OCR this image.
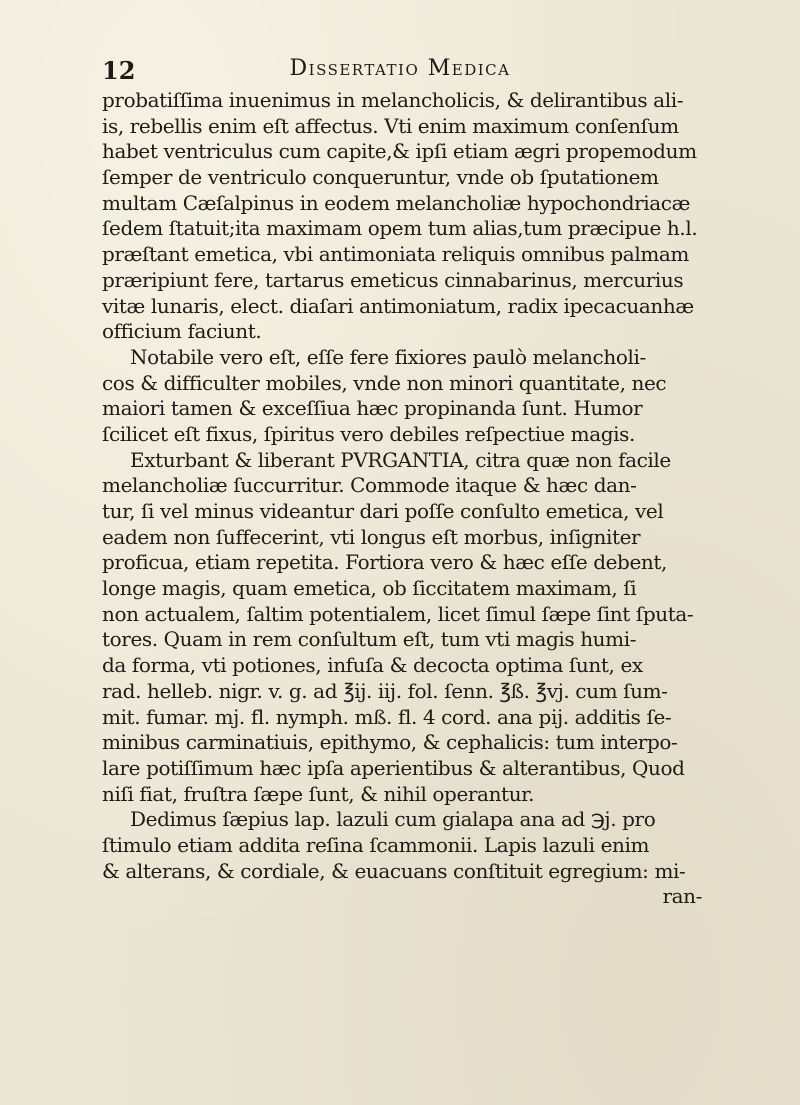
12	Dissertatio Medica
probatiſſima inuenimus in melancholicis, & delirantibus ali-
is, rebellis enim eſt affectus. Vti enim maximum conſenſum
habet ventriculus cum capite,& ipſi etiam ægri propemodum
ſemper de ventriculo conqueruntur, vnde ob ſputationem
multam Cæſalpinus in eodem melancholiæ hypochondriacæ
ſedem ſtatuit;ita maximam opem tum alias,tum præcipue h.l.
præſtant emetica, vbi antimoniata reliquis omnibus palmam
præripiunt fere, tartarus emeticus cinnabarinus, mercurius
vitæ lunaris, elect. diaſari antimoniatum, radix ipecacuanhæ
officium faciunt.
Notabile vero eſt, eſſe fere fixiores paulò melancholi-
cos & difficulter mobiles, vnde non minori quantitate, nec
maiori tamen & exceſſiua hæc propinanda ſunt. Humor
ſcilicet eſt fixus, ſpiritus vero debiles reſpectiue magis.
Exturbant & liberant PVRGANTIA, citra quæ non facile
melancholiæ ſuccurritur. Commode itaque & hæc dan-
tur, ſi vel minus videantur dari poſſe conſulto emetica, vel
eadem non ſuffecerint, vti longus eſt morbus, inſigniter
proficua, etiam repetita. Fortiora vero & hæc eſſe debent,
longe magis, quam emetica, ob ſiccitatem maximam, ſi
non actualem, ſaltim potentialem, licet ſimul ſæpe ſint ſputa-
tores. Quam in rem conſultum eſt, tum vti magis humi-
da forma, vti potiones, infuſa & decocta optima ſunt, ex
rad. helleb. nigr. v. g. ad ℥ij. iij. fol. ſenn. ℥ß. ℥vj. cum ſum-
mit. fumar. mj. fl. nymph. mß. fl. 4 cord. ana pij. additis ſe-
minibus carminatiuis, epithymo, & cephalicis: tum interpo-
lare potiſſimum hæc ipſa aperientibus & alterantibus, Quod
niſi fiat, fruſtra ſæpe ſunt, & nihil operantur.
Dedimus ſæpius lap. lazuli cum gialapa ana ad ℈j. pro
ſtimulo etiam addita reſina ſcammonii. Lapis lazuli enim
& alterans, & cordiale, & euacuans conſtituit egregium: mi-
ran-
